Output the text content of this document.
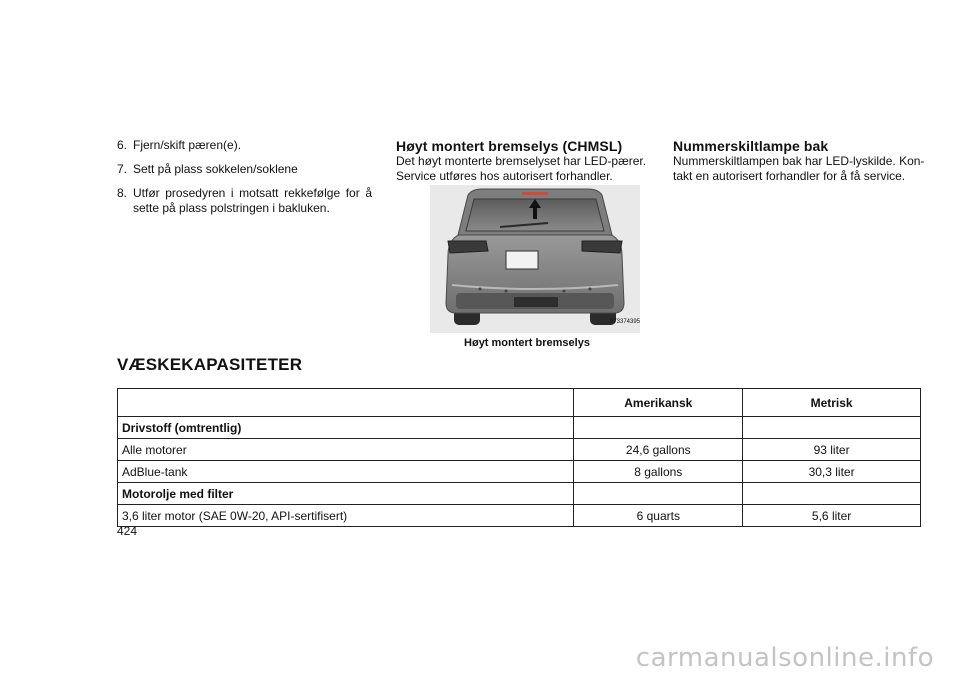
6. Fjern/skift pæren(e).
7. Sett på plass sokkelen/soklene
8. Utfør prosedyren i motsatt rekkefølge for å sette på plass polstringen i bakluken.
Høyt montert bremselys (CHMSL)

Det høyt monterte bremselyset har LED-pærer. Service utføres hos autorisert forhandler.

073374395
Høyt montert bremselys
Nummerskiltlampe bak

Nummerskiltlampen bak har LED-lyskilde. Kon-takt en autorisert forhandler for å få service.

VÆSKEKAPASITETER
	Amerikansk	Metrisk
Drivstoff (omtrentlig)		
Alle motorer	24,6 gallons	93 liter
AdBlue-tank	8 gallons	30,3 liter
Motorolje med filter		
3,6 liter motor (SAE 0W-20, API-sertifisert)	6 quarts	5,6 liter
424
carmanualsonline.info
